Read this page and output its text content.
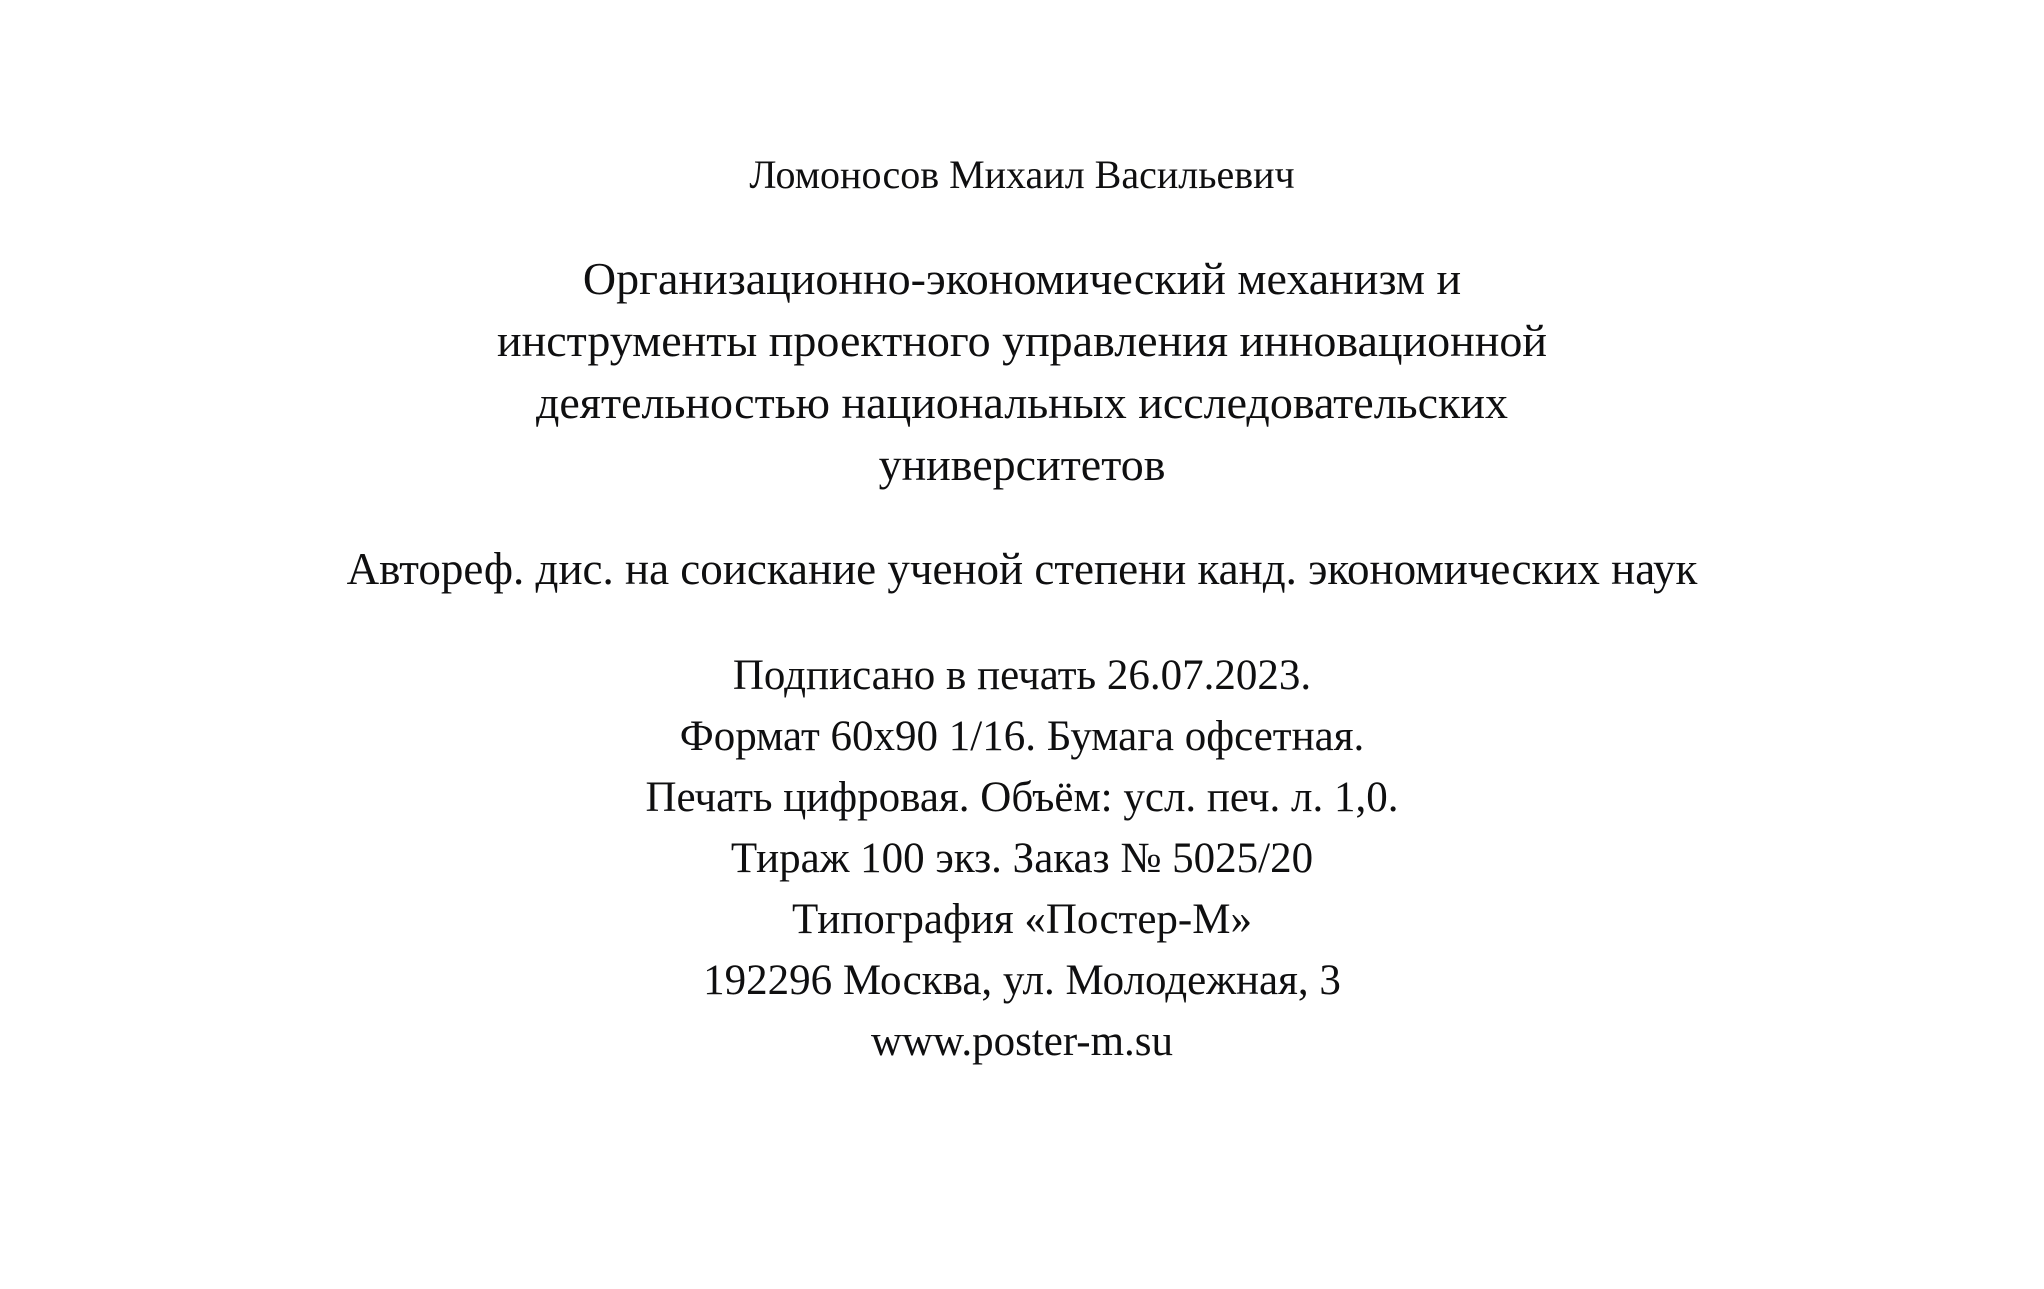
Ломоносов Михаил Васильевич
Организационно-экономический механизм и
инструменты проектного управления инновационной
деятельностью национальных исследовательских
университетов
Автореф. дис. на соискание ученой степени канд. экономических наук
Подписано в печать 26.07.2023.
Формат 60x90 1/16. Бумага офсетная.
Печать цифровая. Объём: усл. печ. л. 1,0.
Тираж 100 экз. Заказ № 5025/20
Типография «Постер-М»
192296 Москва, ул. Молодежная, 3
www.poster-m.su
